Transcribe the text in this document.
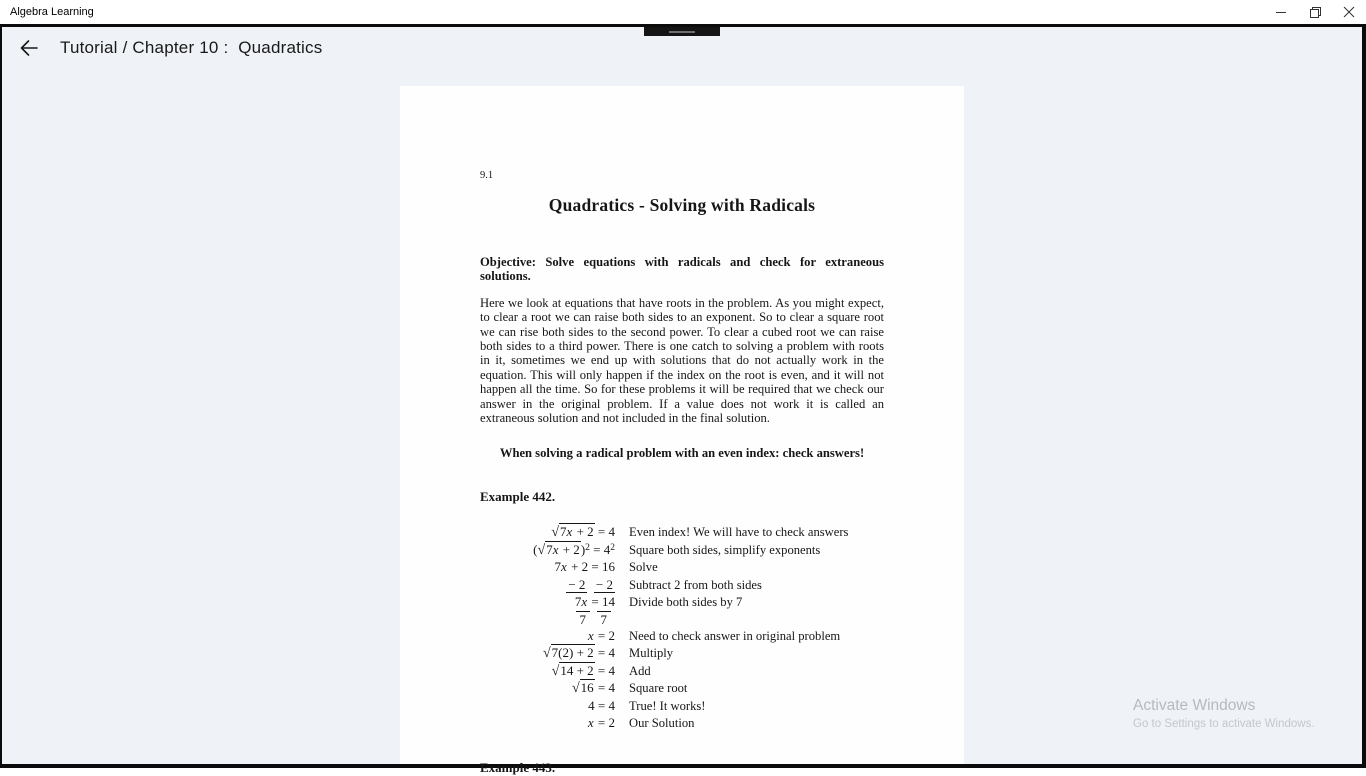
Algebra Learning
Tutorial / Chapter 10 :  Quadratics

9.1

Quadratics - Solving with Radicals

Objective: Solve equations with radicals and check for extraneous solutions.

Here we look at equations that have roots in the problem. As you might expect, to clear a root we can raise both sides to an exponent. So to clear a square root we can rise both sides to the second power. To clear a cubed root we can raise both sides to a third power. There is one catch to solving a problem with roots in it, sometimes we end up with solutions that do not actually work in the equation. This will only happen if the index on the root is even, and it will not happen all the time. So for these problems it will be required that we check our answer in the original problem. If a value does not work it is called an extraneous solution and not included in the final solution.

When solving a radical problem with an even index: check answers!

Example 442.

√7x + 2 = 4 Even index! We will have to check answers
$(√7x + 2)^2 = 4^2$ Square both sides, simplify exponents
7x + 2 = 16 Solve
− 2 − 2 Subtract 2 from both sides
7x = 14 Divide both sides by 7
7 7
x = 2 Need to check answer in original problem
√7(2) + 2 = 4 Multiply
√14 + 2 = 4 Add
√16 = 4 Square root
4 = 4 True! It works!
x = 2 Our Solution

Example 443.

Activate Windows
Go to Settings to activate Windows.
